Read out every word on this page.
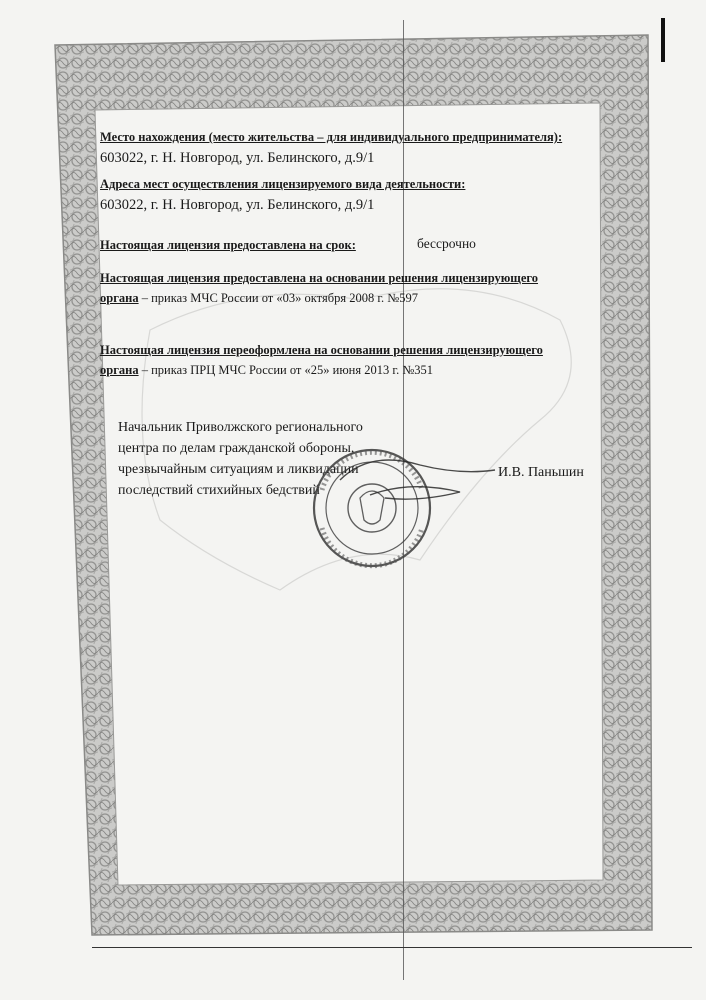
Место нахождения (место жительства – для индивидуального предпринимателя):
603022, г. Н. Новгород, ул. Белинского, д.9/1
Адреса мест осуществления лицензируемого вида деятельности:
603022, г. Н. Новгород, ул. Белинского, д.9/1
Настоящая лицензия предоставлена на срок:	бессрочно
Настоящая лицензия предоставлена на основании решения лицензирующего
органа – приказ МЧС России от «03» октября 2008 г. №597
Настоящая лицензия переоформлена на основании решения лицензирующего
органа – приказ ПРЦ МЧС России от «25» июня 2013 г. №351
Начальник Приволжского регионального
центра по делам гражданской обороны,
чрезвычайным ситуациям и ликвидации
последствий стихийных бедствий
И.В. Паньшин
